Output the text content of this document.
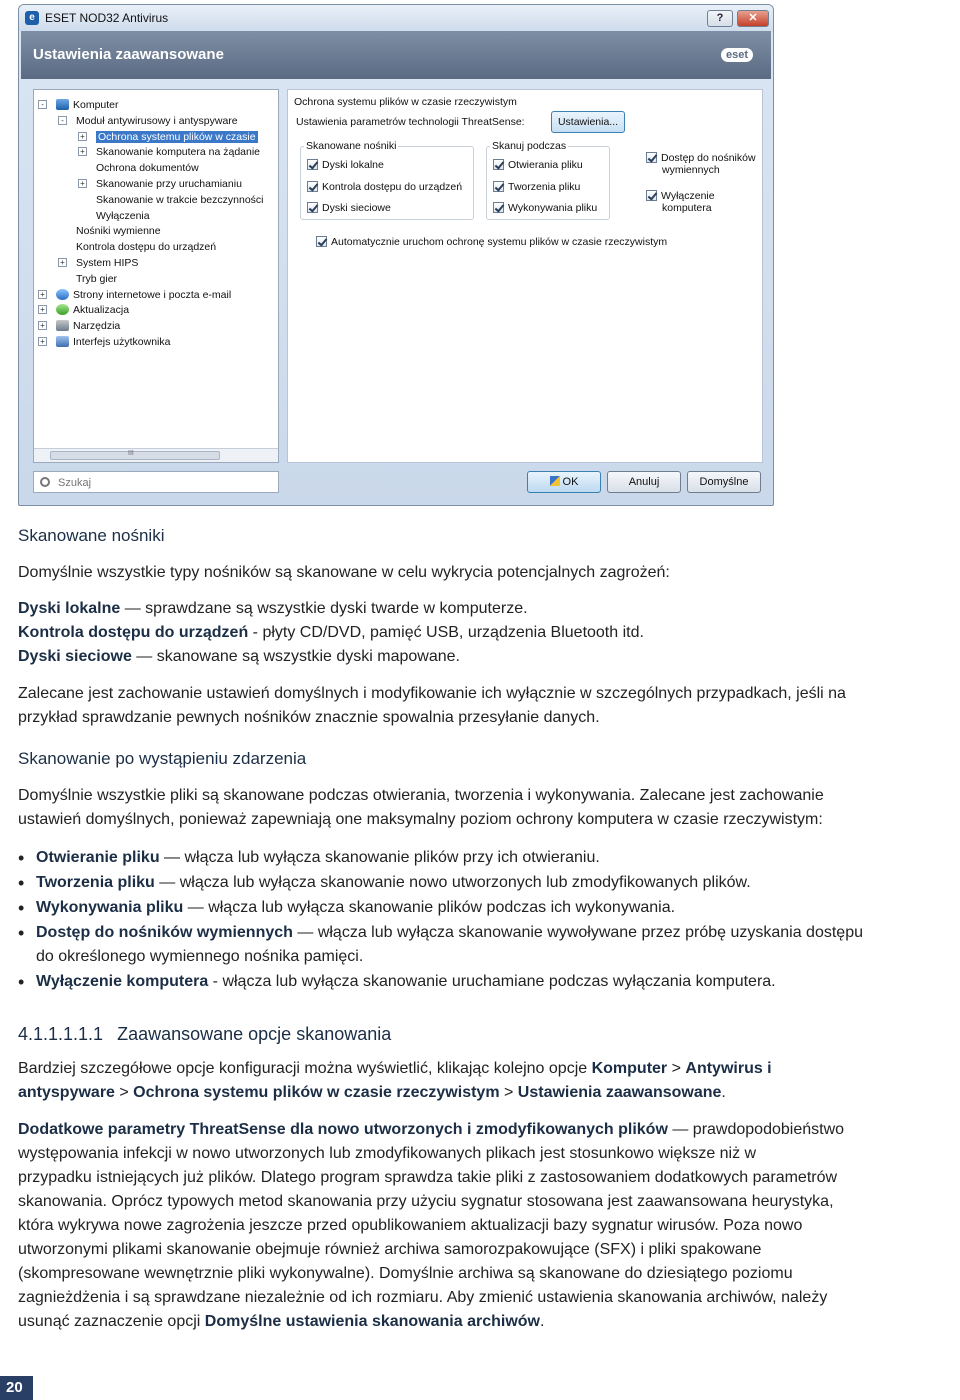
e ESET NOD32 Antivirus	?	✕
Ustawienia zaawansowane	eset
III
-	Komputer
-	Moduł antywirusowy i antyspyware
+ Ochrona systemu plików w czasie
+ Skanowanie komputera na żądanie
Ochrona dokumentów
+ Skanowanie przy uruchamianiu
Skanowanie w trakcie bezczynności
Wyłączenia
Nośniki wymienne
Kontrola dostępu do urządzeń
+ System HIPS
Tryb gier
+	Strony internetowe i poczta e-mail
+	Aktualizacja
+	Narzędzia
+	Interfejs użytkownika
Szukaj
Ochrona systemu plików w czasie rzeczywistym
Ustawienia parametrów technologii ThreatSense:	Ustawienia...
Skanowane nośniki
Dyski lokalne
Kontrola dostępu do urządzeń
Dyski sieciowe
Skanuj podczas
Otwierania pliku
Tworzenia pliku
Wykonywania pliku
Dostęp do nośników
wymiennych
Wyłączenie
komputera
Automatycznie uruchom ochronę systemu plików w czasie rzeczywistym
OK	Anuluj	Domyślne
Skanowane nośniki
Domyślnie wszystkie typy nośników są skanowane w celu wykrycia potencjalnych zagrożeń:
Dyski lokalne — sprawdzane są wszystkie dyski twarde w komputerze.
Kontrola dostępu do urządzeń - płyty CD/DVD, pamięć USB, urządzenia Bluetooth itd.
Dyski sieciowe — skanowane są wszystkie dyski mapowane.
Zalecane jest zachowanie ustawień domyślnych i modyfikowanie ich wyłącznie w szczególnych przypadkach, jeśli na
przykład sprawdzanie pewnych nośników znacznie spowalnia przesyłanie danych.
Skanowanie po wystąpieniu zdarzenia
Domyślnie wszystkie pliki są skanowane podczas otwierania, tworzenia i wykonywania. Zalecane jest zachowanie
ustawień domyślnych, ponieważ zapewniają one maksymalny poziom ochrony komputera w czasie rzeczywistym:
• Otwieranie pliku — włącza lub wyłącza skanowanie plików przy ich otwieraniu.
• Tworzenia pliku — włącza lub wyłącza skanowanie nowo utworzonych lub zmodyfikowanych plików.
• Wykonywania pliku — włącza lub wyłącza skanowanie plików podczas ich wykonywania.
• Dostęp do nośników wymiennych — włącza lub wyłącza skanowanie wywoływane przez próbę uzyskania dostępu
do określonego wymiennego nośnika pamięci.
• Wyłączenie komputera - włącza lub wyłącza skanowanie uruchamiane podczas wyłączania komputera.
4.1.1.1.1.1 Zaawansowane opcje skanowania
Bardziej szczegółowe opcje konfiguracji można wyświetlić, klikając kolejno opcje Komputer > Antywirus i
antyspyware > Ochrona systemu plików w czasie rzeczywistym > Ustawienia zaawansowane.
Dodatkowe parametry ThreatSense dla nowo utworzonych i zmodyfikowanych plików — prawdopodobieństwo
występowania infekcji w nowo utworzonych lub zmodyfikowanych plikach jest stosunkowo większe niż w
przypadku istniejących już plików. Dlatego program sprawdza takie pliki z zastosowaniem dodatkowych parametrów
skanowania. Oprócz typowych metod skanowania przy użyciu sygnatur stosowana jest zaawansowana heurystyka,
która wykrywa nowe zagrożenia jeszcze przed opublikowaniem aktualizacji bazy sygnatur wirusów. Poza nowo
utworzonymi plikami skanowanie obejmuje również archiwa samorozpakowujące (SFX) i pliki spakowane
(skompresowane wewnętrznie pliki wykonywalne). Domyślnie archiwa są skanowane do dziesiątego poziomu
zagnieżdżenia i są sprawdzane niezależnie od ich rozmiaru. Aby zmienić ustawienia skanowania archiwów, należy
usunąć zaznaczenie opcji Domyślne ustawienia skanowania archiwów.
20
